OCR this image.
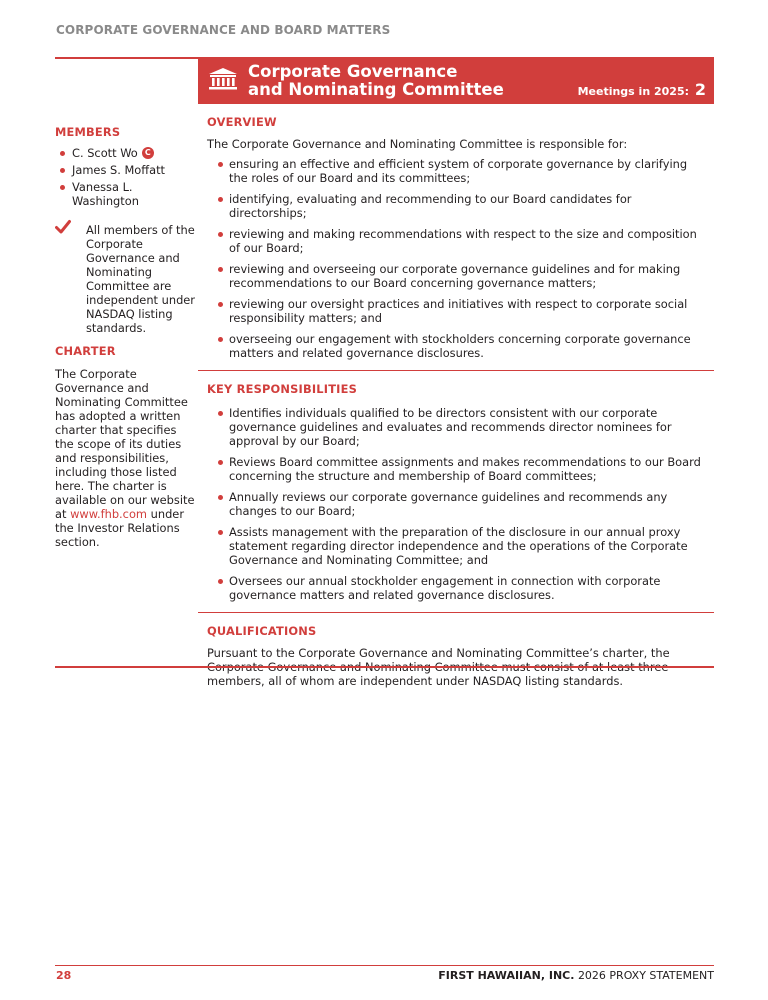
CORPORATE GOVERNANCE AND BOARD MATTERS
Corporate Governance
and Nominating Committee	Meetings in 2025: 2
MEMBERS
C. Scott Wo C
James S. Moffatt
Vanessa L. Washington
All members of the Corporate Governance and Nominating Committee are independent under NASDAQ listing standards.
CHARTER
The Corporate Governance and Nominating Committee has adopted a written charter that specifies the scope of its duties and responsibilities, including those listed here. The charter is available on our website at www.fhb.com under the Investor Relations section.
OVERVIEW
The Corporate Governance and Nominating Committee is responsible for:
ensuring an effective and efficient system of corporate governance by clarifying the roles of our Board and its committees;
identifying, evaluating and recommending to our Board candidates for directorships;
reviewing and making recommendations with respect to the size and composition of our Board;
reviewing and overseeing our corporate governance guidelines and for making recommendations to our Board concerning governance matters;
reviewing our oversight practices and initiatives with respect to corporate social responsibility matters; and
overseeing our engagement with stockholders concerning corporate governance matters and related governance disclosures.
KEY RESPONSIBILITIES
Identifies individuals qualified to be directors consistent with our corporate governance guidelines and evaluates and recommends director nominees for approval by our Board;
Reviews Board committee assignments and makes recommendations to our Board concerning the structure and membership of Board committees;
Annually reviews our corporate governance guidelines and recommends any changes to our Board;
Assists management with the preparation of the disclosure in our annual proxy statement regarding director independence and the operations of the Corporate Governance and Nominating Committee; and
Oversees our annual stockholder engagement in connection with corporate governance matters and related governance disclosures.
QUALIFICATIONS
Pursuant to the Corporate Governance and Nominating Committee’s charter, the members, all of whom are independent under NASDAQ listing standards.
28	FIRST HAWAIIAN, INC. 2026 PROXY STATEMENT
